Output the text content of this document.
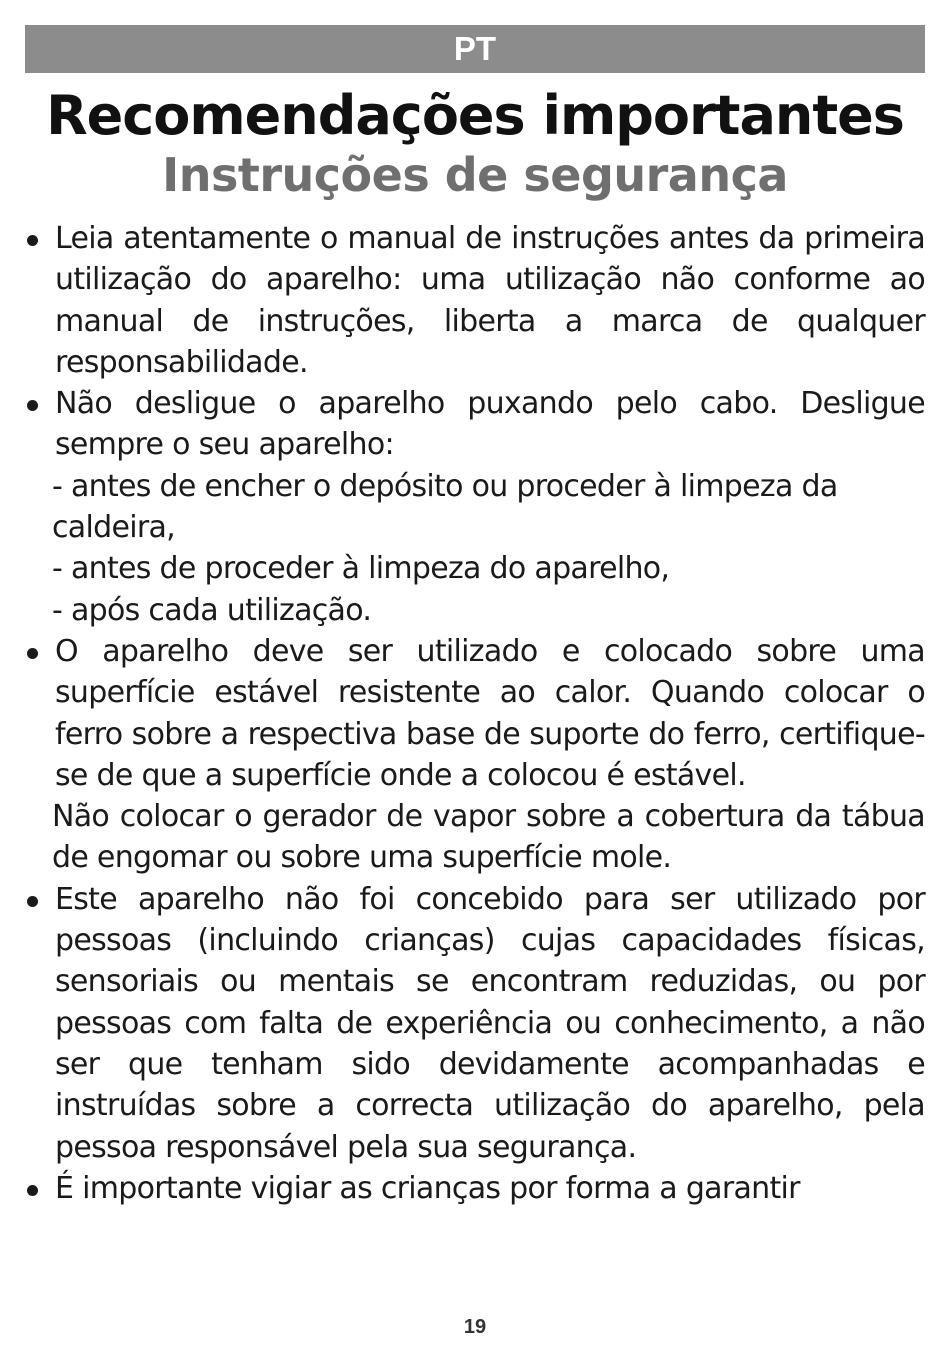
PT
Recomendações importantes
Instruções de segurança

Leia atentamente o manual de instruções antes da primeira utilização do aparelho: uma utilização não conforme ao manual de instruções, liberta a marca de qualquer responsabilidade.

Não desligue o aparelho puxando pelo cabo. Desligue sempre o seu aparelho:

- antes de encher o depósito ou proceder à limpeza da caldeira,

- antes de proceder à limpeza do aparelho,

- após cada utilização.

O aparelho deve ser utilizado e colocado sobre uma superfície estável resistente ao calor. Quando colocar o ferro sobre a respectiva base de suporte do ferro, certifique-se de que a superfície onde a colocou é estável.

Não colocar o gerador de vapor sobre a cobertura da tábua de engomar ou sobre uma superfície mole.

Este aparelho não foi concebido para ser utilizado por pessoas (incluindo crianças) cujas capacidades físicas, sensoriais ou mentais se encontram reduzidas, ou por pessoas com falta de experiência ou conhecimento, a não ser que tenham sido devidamente acompanhadas e instruídas sobre a correcta utilização do aparelho, pela pessoa responsável pela sua segurança.

É importante vigiar as crianças por forma a garantir

19
